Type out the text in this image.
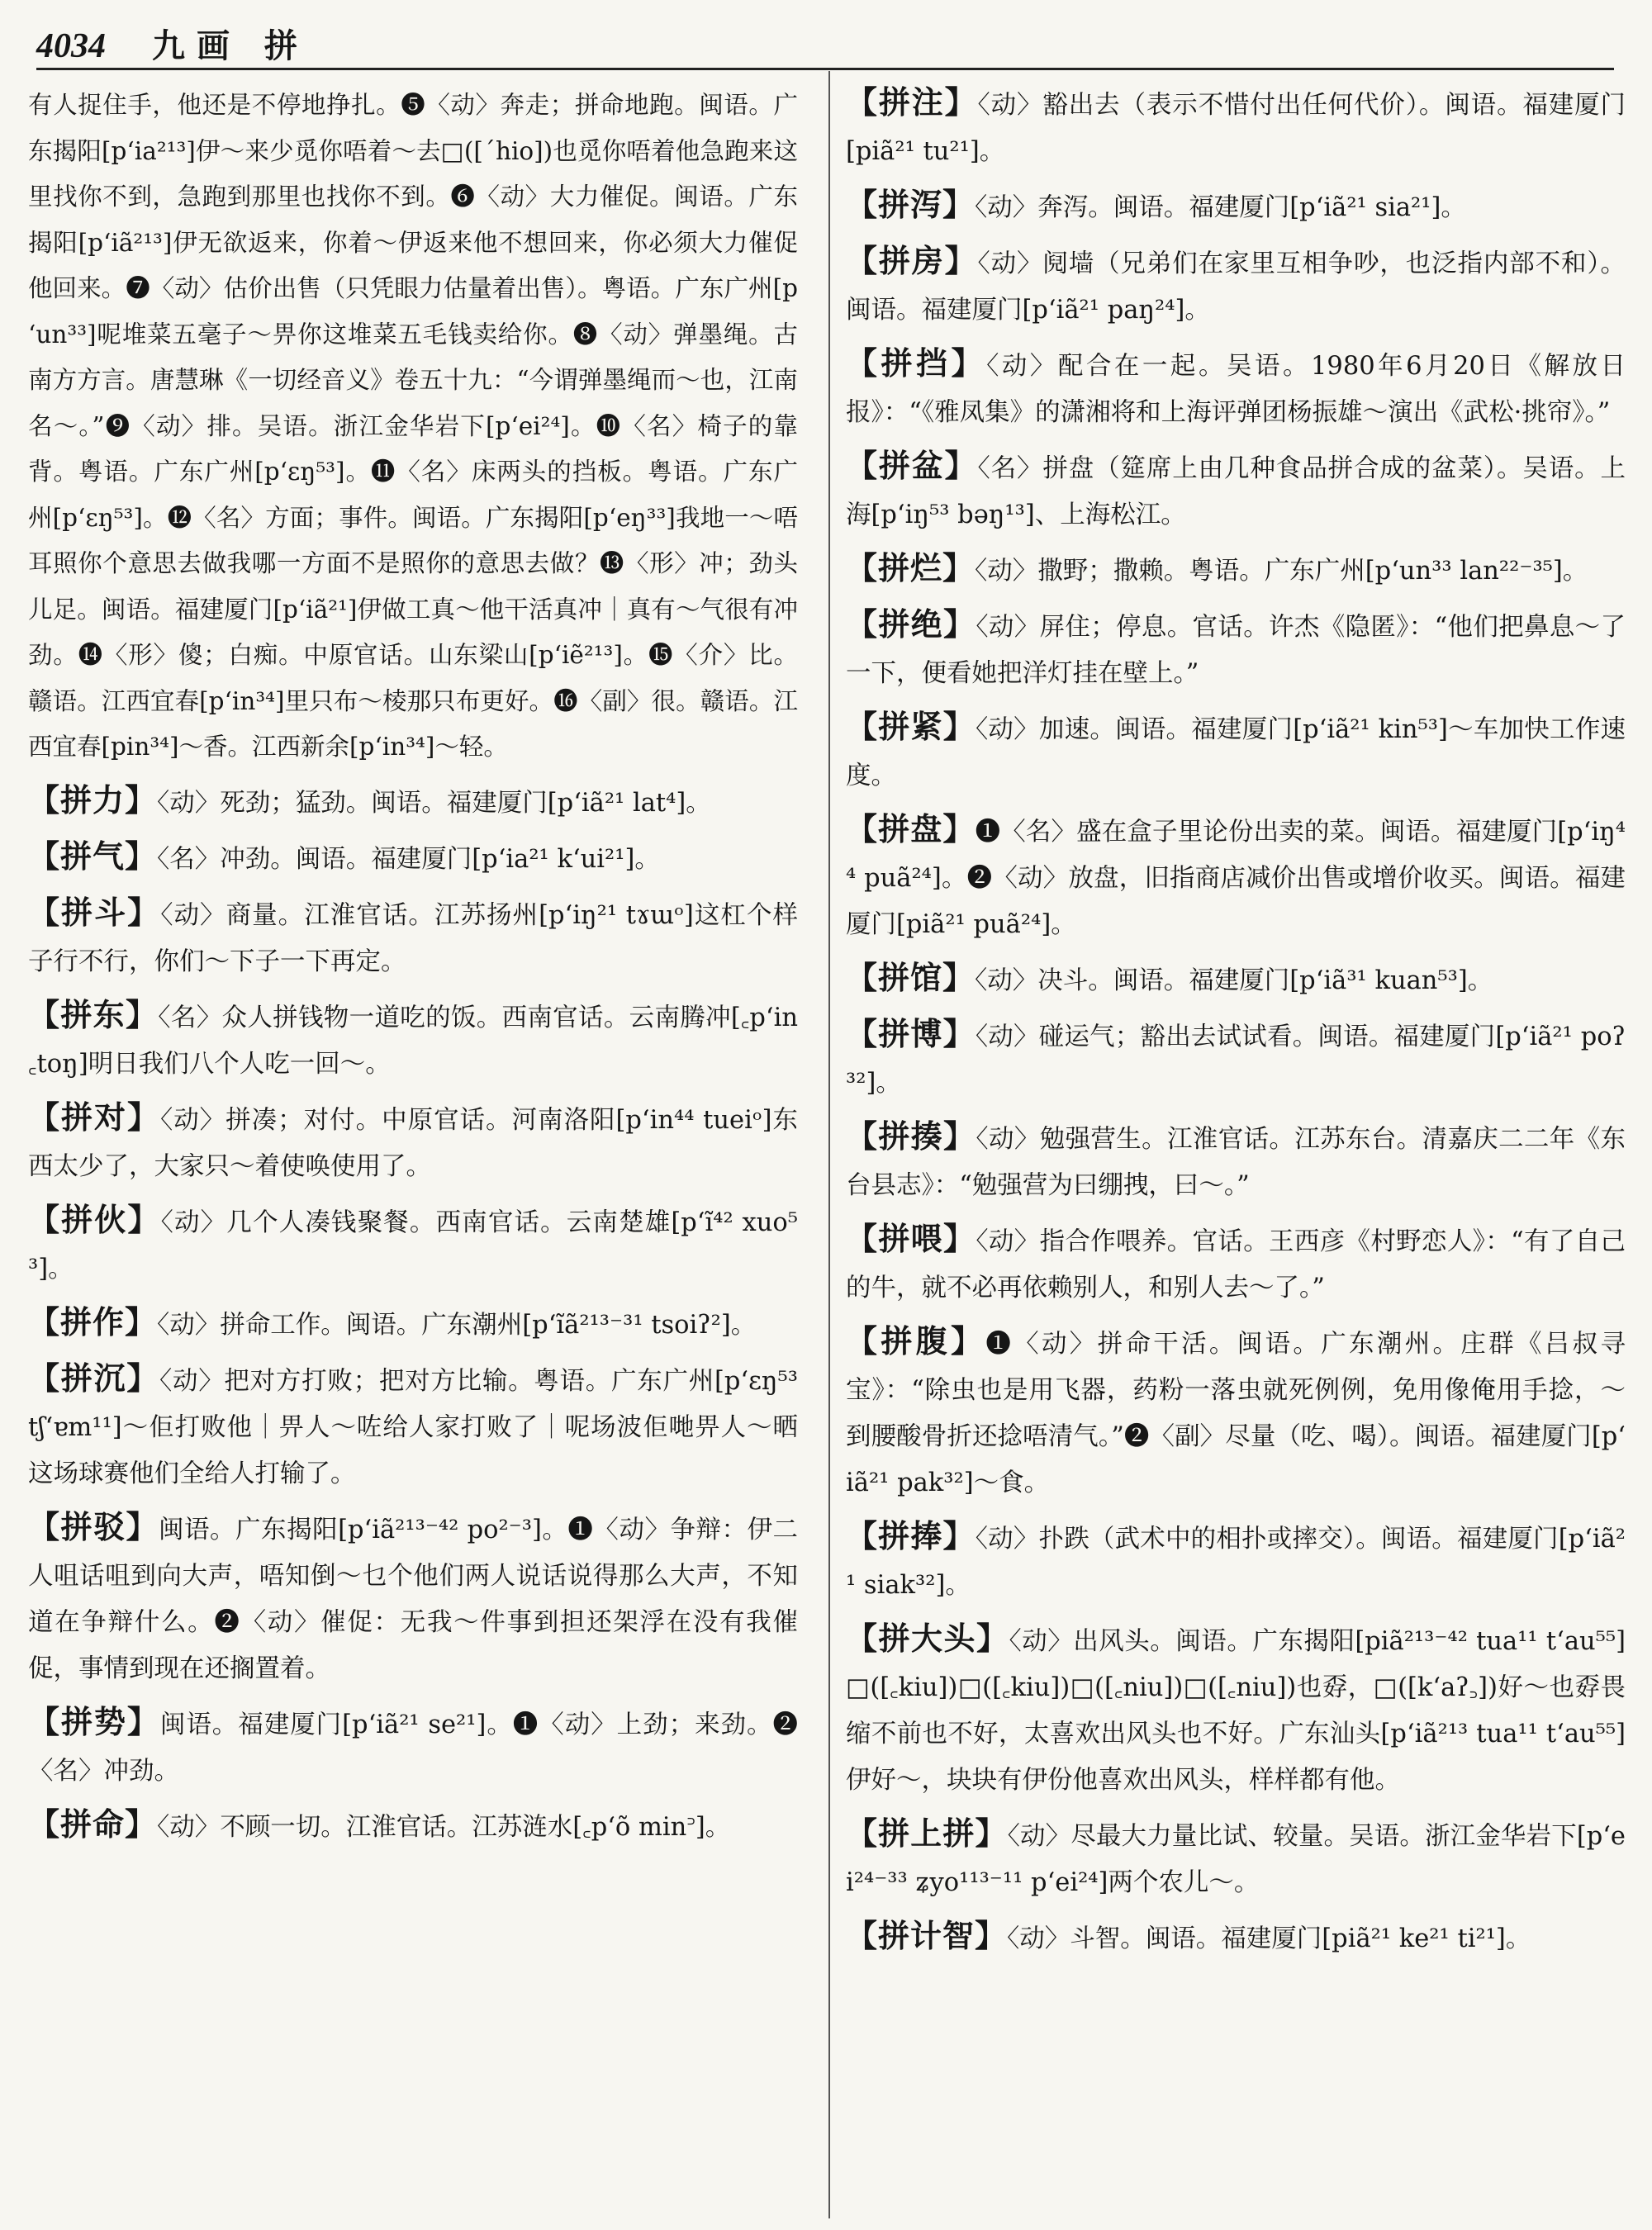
4034	九画 拼

有人捉住手，他还是不停地挣扎。❺〈动〉奔走；拼命地跑。闽语。广东揭阳[pʻia²¹³]伊～来少觅你唔着～去□([ˊhio])也觅你唔着他急跑来这里找你不到，急跑到那里也找你不到。❻〈动〉大力催促。闽语。广东揭阳[pʻiã²¹³]伊无欲返来，你着～伊返来他不想回来，你必须大力催促他回来。❼〈动〉估价出售（只凭眼力估量着出售）。粤语。广东广州[pʻun³³]呢堆菜五毫子～畀你这堆菜五毛钱卖给你。❽〈动〉弹墨绳。古南方方言。唐慧琳《一切经音义》卷五十九：“今谓弹墨绳而～也，江南名～。”❾〈动〉排。吴语。浙江金华岩下[pʻei²⁴]。❿〈名〉椅子的靠背。粤语。广东广州[pʻɛŋ⁵³]。⓫〈名〉床两头的挡板。粤语。广东广州[pʻɛŋ⁵³]。⓬〈名〉方面；事件。闽语。广东揭阳[pʻeŋ³³]我地一～唔耳照你个意思去做我哪一方面不是照你的意思去做？⓭〈形〉冲；劲头儿足。闽语。福建厦门[pʻiã²¹]伊做工真～他干活真冲｜真有～气很有冲劲。⓮〈形〉傻；白痴。中原官话。山东梁山[pʻiẽ²¹³]。⓯〈介〉比。赣语。江西宜春[pʻin³⁴]里只布～棱那只布更好。⓰〈副〉很。赣语。江西宜春[pin³⁴]～香。江西新余[pʻin³⁴]～轻。

【拼力】〈动〉死劲；猛劲。闽语。福建厦门[pʻiã²¹ lat⁴]。

【拼气】〈名〉冲劲。闽语。福建厦门[pʻia²¹ kʻui²¹]。

【拼斗】〈动〉商量。江淮官话。江苏扬州[pʻiŋ²¹ tɤɯᵒ]这杠个样子行不行，你们～下子一下再定。

【拼东】〈名〉众人拼钱物一道吃的饭。西南官话。云南腾冲[꜀pʻin ꜀toŋ]明日我们八个人吃一回～。

【拼对】〈动〉拼凑；对付。中原官话。河南洛阳[pʻin⁴⁴ tueiᵒ]东西太少了，大家只～着使唤使用了。

【拼伙】〈动〉几个人凑钱聚餐。西南官话。云南楚雄[pʻĩ⁴² xuo⁵³]。

【拼作】〈动〉拼命工作。闽语。广东潮州[pʻĩã²¹³⁻³¹ tsoiʔ²]。

【拼沉】〈动〉把对方打败；把对方比输。粤语。广东广州[pʻɛŋ⁵³ tʃʻɐm¹¹]～佢打败他｜畀人～咗给人家打败了｜呢场波佢哋畀人～晒这场球赛他们全给人打输了。

【拼驳】闽语。广东揭阳[pʻiã²¹³⁻⁴² po²⁻³]。❶〈动〉争辩：伊二人咀话咀到向大声，唔知倒～乜个他们两人说话说得那么大声，不知道在争辩什么。❷〈动〉催促：无我～件事到担还架浮在没有我催促，事情到现在还搁置着。

【拼势】闽语。福建厦门[pʻiã²¹ se²¹]。❶〈动〉上劲；来劲。❷〈名〉冲劲。

【拼命】〈动〉不顾一切。江淮官话。江苏涟水[꜀pʻõ min꜄]。

【拼注】〈动〉豁出去（表示不惜付出任何代价）。闽语。福建厦门[piã²¹ tu²¹]。

【拼泻】〈动〉奔泻。闽语。福建厦门[pʻiã²¹ sia²¹]。

【拼房】〈动〉阋墙（兄弟们在家里互相争吵，也泛指内部不和）。闽语。福建厦门[pʻiã²¹ paŋ²⁴]。

【拼挡】〈动〉配合在一起。吴语。1980年6月20日《解放日报》：“《雅凤集》的潇湘将和上海评弹团杨振雄～演出《武松·挑帘》。”

【拼盆】〈名〉拼盘（筵席上由几种食品拼合成的盆菜）。吴语。上海[pʻiŋ⁵³ bəŋ¹³]、上海松江。

【拼烂】〈动〉撒野；撒赖。粤语。广东广州[pʻun³³ lan²²⁻³⁵]。

【拼绝】〈动〉屏住；停息。官话。许杰《隐匿》：“他们把鼻息～了一下，便看她把洋灯挂在壁上。”

【拼紧】〈动〉加速。闽语。福建厦门[pʻiã²¹ kin⁵³]～车加快工作速度。

【拼盘】❶〈名〉盛在盒子里论份出卖的菜。闽语。福建厦门[pʻiŋ⁴⁴ puã²⁴]。❷〈动〉放盘，旧指商店减价出售或增价收买。闽语。福建厦门[piã²¹ puã²⁴]。

【拼馆】〈动〉决斗。闽语。福建厦门[pʻiã³¹ kuan⁵³]。

【拼博】〈动〉碰运气；豁出去试试看。闽语。福建厦门[pʻiã²¹ poʔ³²]。

【拼揍】〈动〉勉强营生。江淮官话。江苏东台。清嘉庆二二年《东台县志》：“勉强营为曰绷拽，曰～。”

【拼喂】〈动〉指合作喂养。官话。王西彦《村野恋人》：“有了自己的牛，就不必再依赖别人，和别人去～了。”

【拼腹】❶〈动〉拼命干活。闽语。广东潮州。庄群《吕叔寻宝》：“除虫也是用飞器，药粉一落虫就死例例，免用像俺用手捻，～到腰酸骨折还捻唔清气。”❷〈副〉尽量（吃、喝）。闽语。福建厦门[pʻiã²¹ pak³²]～食。

【拼捧】〈动〉扑跌（武术中的相扑或摔交）。闽语。福建厦门[pʻiã²¹ siak³²]。

【拼大头】〈动〉出风头。闽语。广东揭阳[piã²¹³⁻⁴² tua¹¹ tʻau⁵⁵]□([꜀kiu])□([꜀kiu])□([꜀niu])□([꜀niu])也孬，□([kʻaʔ꜆])好～也孬畏缩不前也不好，太喜欢出风头也不好。广东汕头[pʻiã²¹³ tua¹¹ tʻau⁵⁵]伊好～，块块有伊份他喜欢出风头，样样都有他。

【拼上拼】〈动〉尽最大力量比试、较量。吴语。浙江金华岩下[pʻei²⁴⁻³³ ʑyo¹¹³⁻¹¹ pʻei²⁴]两个农儿～。

【拼计智】〈动〉斗智。闽语。福建厦门[piã²¹ ke²¹ ti²¹]。
